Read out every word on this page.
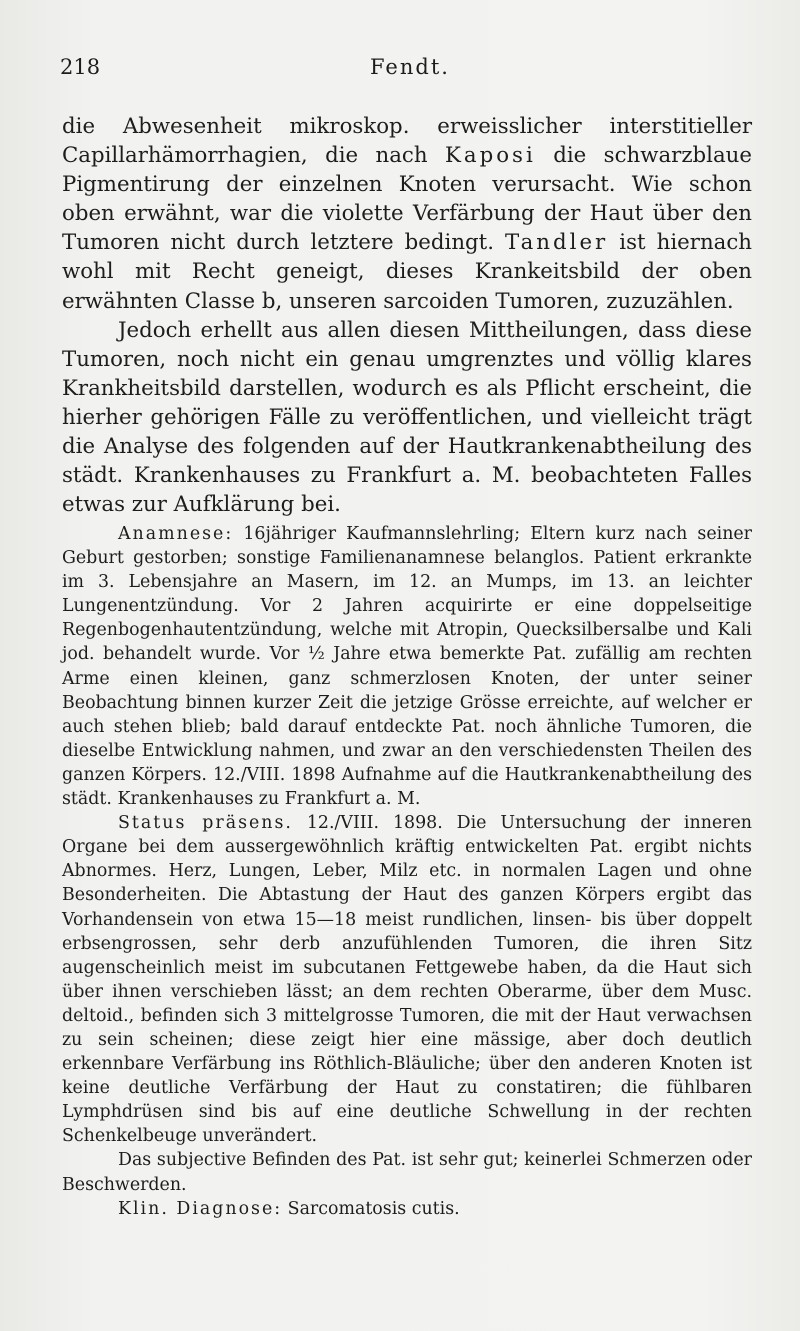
218	Fendt.

die Abwesenheit mikroskop. erweisslicher interstitieller Capillarhämorrhagien, die nach Kaposi die schwarzblaue Pigmentirung der einzelnen Knoten verursacht. Wie schon oben erwähnt, war die violette Verfärbung der Haut über den Tumoren nicht durch letztere bedingt. Tandler ist hiernach wohl mit Recht geneigt, dieses Krankeitsbild der oben erwähnten Classe b, unseren sarcoiden Tumoren, zuzuzählen.

Jedoch erhellt aus allen diesen Mittheilungen, dass diese Tumoren, noch nicht ein genau umgrenztes und völlig klares Krankheitsbild darstellen, wodurch es als Pflicht erscheint, die hierher gehörigen Fälle zu veröffentlichen, und vielleicht trägt die Analyse des folgenden auf der Hautkrankenabtheilung des städt. Krankenhauses zu Frankfurt a. M. beobachteten Falles etwas zur Aufklärung bei.

Anamnese: 16jähriger Kaufmannslehrling; Eltern kurz nach seiner Geburt gestorben; sonstige Familienanamnese belanglos. Patient erkrankte im 3. Lebensjahre an Masern, im 12. an Mumps, im 13. an leichter Lungenentzündung. Vor 2 Jahren acquirirte er eine doppelseitige Regenbogenhautentzündung, welche mit Atropin, Quecksilbersalbe und Kali jod. behandelt wurde. Vor ½ Jahre etwa bemerkte Pat. zufällig am rechten Arme einen kleinen, ganz schmerzlosen Knoten, der unter seiner Beobachtung binnen kurzer Zeit die jetzige Grösse erreichte, auf welcher er auch stehen blieb; bald darauf entdeckte Pat. noch ähnliche Tumoren, die dieselbe Entwicklung nahmen, und zwar an den verschiedensten Theilen des ganzen Körpers. 12./VIII. 1898 Aufnahme auf die Hautkrankenabtheilung des städt. Krankenhauses zu Frankfurt a. M.

Status präsens. 12./VIII. 1898. Die Untersuchung der inneren Organe bei dem aussergewöhnlich kräftig entwickelten Pat. ergibt nichts Abnormes. Herz, Lungen, Leber, Milz etc. in normalen Lagen und ohne Besonderheiten. Die Abtastung der Haut des ganzen Körpers ergibt das Vorhandensein von etwa 15—18 meist rundlichen, linsen- bis über doppelt erbsengrossen, sehr derb anzufühlenden Tumoren, die ihren Sitz augenscheinlich meist im subcutanen Fettgewebe haben, da die Haut sich über ihnen verschieben lässt; an dem rechten Oberarme, über dem Musc. deltoid., befinden sich 3 mittelgrosse Tumoren, die mit der Haut verwachsen zu sein scheinen; diese zeigt hier eine mässige, aber doch deutlich erkennbare Verfärbung ins Röthlich-Bläuliche; über den anderen Knoten ist keine deutliche Verfärbung der Haut zu constatiren; die fühlbaren Lymphdrüsen sind bis auf eine deutliche Schwellung in der rechten Schenkelbeuge unverändert.

Das subjective Befinden des Pat. ist sehr gut; keinerlei Schmerzen oder Beschwerden.

Klin. Diagnose: Sarcomatosis cutis.
